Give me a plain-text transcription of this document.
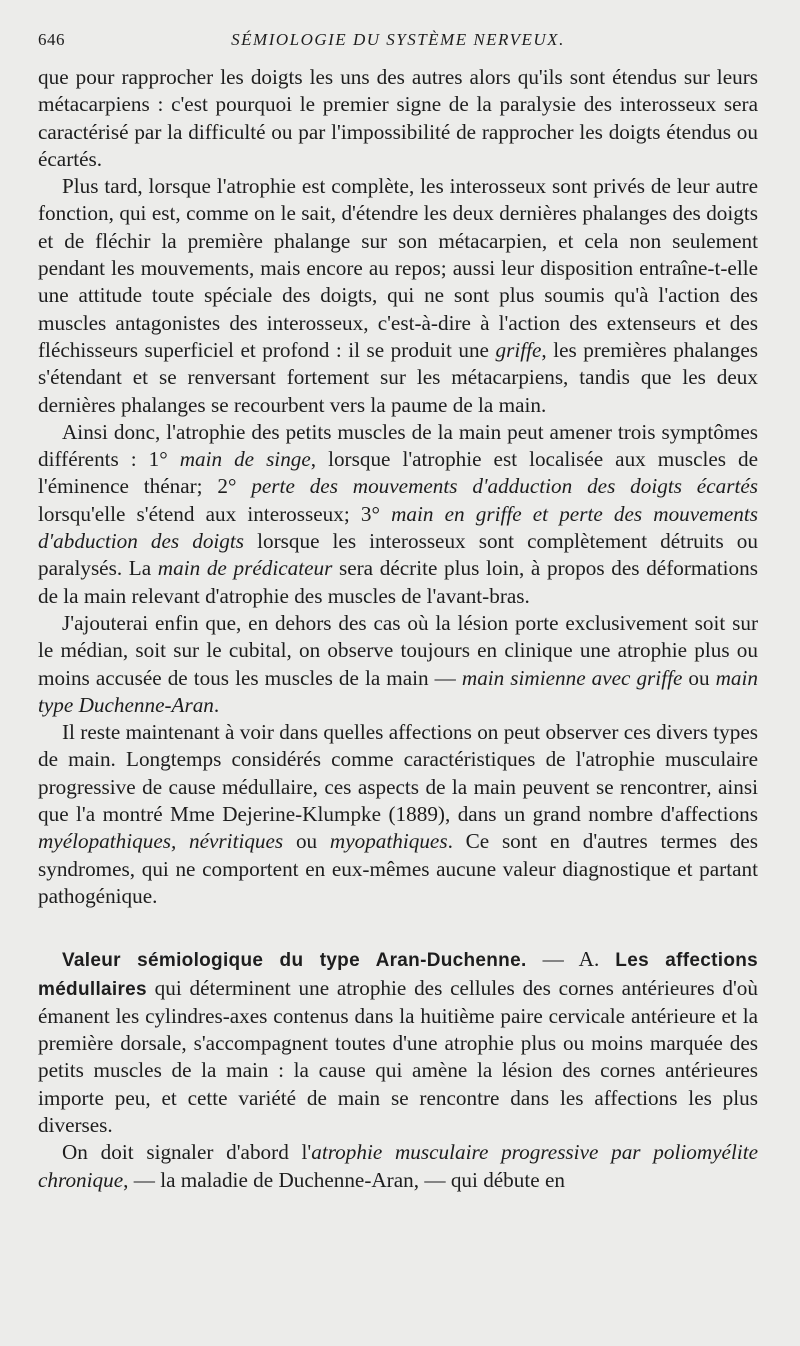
646	SÉMIOLOGIE DU SYSTÈME NERVEUX.

que pour rapprocher les doigts les uns des autres alors qu'ils sont étendus sur leurs métacarpiens : c'est pourquoi le premier signe de la paralysie des interosseux sera caractérisé par la difficulté ou par l'impossibilité de rapprocher les doigts étendus ou écartés.

Plus tard, lorsque l'atrophie est complète, les interosseux sont privés de leur autre fonction, qui est, comme on le sait, d'étendre les deux dernières phalanges des doigts et de fléchir la première phalange sur son métacarpien, et cela non seulement pendant les mouvements, mais encore au repos; aussi leur disposition entraîne-t-elle une attitude toute spéciale des doigts, qui ne sont plus soumis qu'à l'action des muscles antagonistes des interosseux, c'est-à-dire à l'action des extenseurs et des fléchisseurs superficiel et profond : il se produit une griffe, les premières phalanges s'étendant et se renversant fortement sur les métacarpiens, tandis que les deux dernières phalanges se recourbent vers la paume de la main.

Ainsi donc, l'atrophie des petits muscles de la main peut amener trois symptômes différents : 1° main de singe, lorsque l'atrophie est localisée aux muscles de l'éminence thénar; 2° perte des mouvements d'adduction des doigts écartés lorsqu'elle s'étend aux interosseux; 3° main en griffe et perte des mouvements d'abduction des doigts lorsque les interosseux sont complètement détruits ou paralysés. La main de prédicateur sera décrite plus loin, à propos des déformations de la main relevant d'atrophie des muscles de l'avant-bras.

J'ajouterai enfin que, en dehors des cas où la lésion porte exclusivement soit sur le médian, soit sur le cubital, on observe toujours en clinique une atrophie plus ou moins accusée de tous les muscles de la main — main simienne avec griffe ou main type Duchenne-Aran.

Il reste maintenant à voir dans quelles affections on peut observer ces divers types de main. Longtemps considérés comme caractéristiques de l'atrophie musculaire progressive de cause médullaire, ces aspects de la main peuvent se rencontrer, ainsi que l'a montré Mme Dejerine-Klumpke (1889), dans un grand nombre d'affections myélopathiques, névritiques ou myopathiques. Ce sont en d'autres termes des syndromes, qui ne comportent en eux-mêmes aucune valeur diagnostique et partant pathogénique.

Valeur sémiologique du type Aran-Duchenne. — A. Les affections médullaires qui déterminent une atrophie des cellules des cornes antérieures d'où émanent les cylindres-axes contenus dans la huitième paire cervicale antérieure et la première dorsale, s'accompagnent toutes d'une atrophie plus ou moins marquée des petits muscles de la main : la cause qui amène la lésion des cornes antérieures importe peu, et cette variété de main se rencontre dans les affections les plus diverses.

On doit signaler d'abord l'atrophie musculaire progressive par poliomyélite chronique, — la maladie de Duchenne-Aran, — qui débute en
